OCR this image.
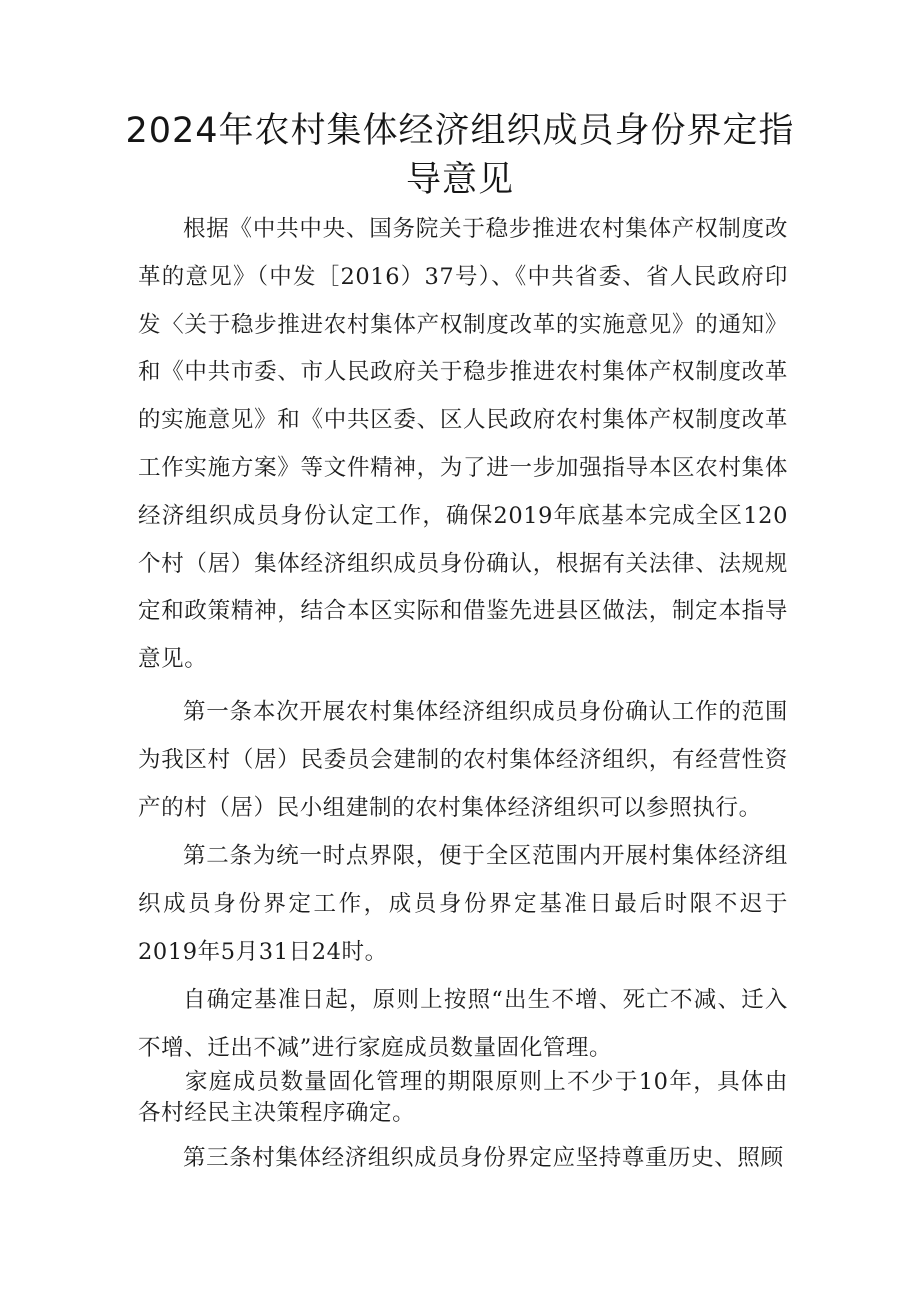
2024年农村集体经济组织成员身份界定指
导意见

根据《中共中央、国务院关于稳步推进农村集体产权制度改革的意见》（中发［2016）37号）、《中共省委、省人民政府印发〈关于稳步推进农村集体产权制度改革的实施意见》的通知》和《中共市委、市人民政府关于稳步推进农村集体产权制度改革的实施意见》和《中共区委、区人民政府农村集体产权制度改革工作实施方案》等文件精神，为了进一步加强指导本区农村集体经济组织成员身份认定工作，确保2019年底基本完成全区120个村（居）集体经济组织成员身份确认，根据有关法律、法规规定和政策精神，结合本区实际和借鉴先进县区做法，制定本指导意见。

第一条本次开展农村集体经济组织成员身份确认工作的范围为我区村（居）民委员会建制的农村集体经济组织，有经营性资产的村（居）民小组建制的农村集体经济组织可以参照执行。

第二条为统一时点界限，便于全区范围内开展村集体经济组织成员身份界定工作，成员身份界定基准日最后时限不迟于2019年5月31日24时。

自确定基准日起，原则上按照“出生不增、死亡不减、迁入不增、迁出不减”进行家庭成员数量固化管理。

家庭成员数量固化管理的期限原则上不少于10年，具体由各村经民主决策程序确定。

第三条村集体经济组织成员身份界定应坚持尊重历史、照顾
